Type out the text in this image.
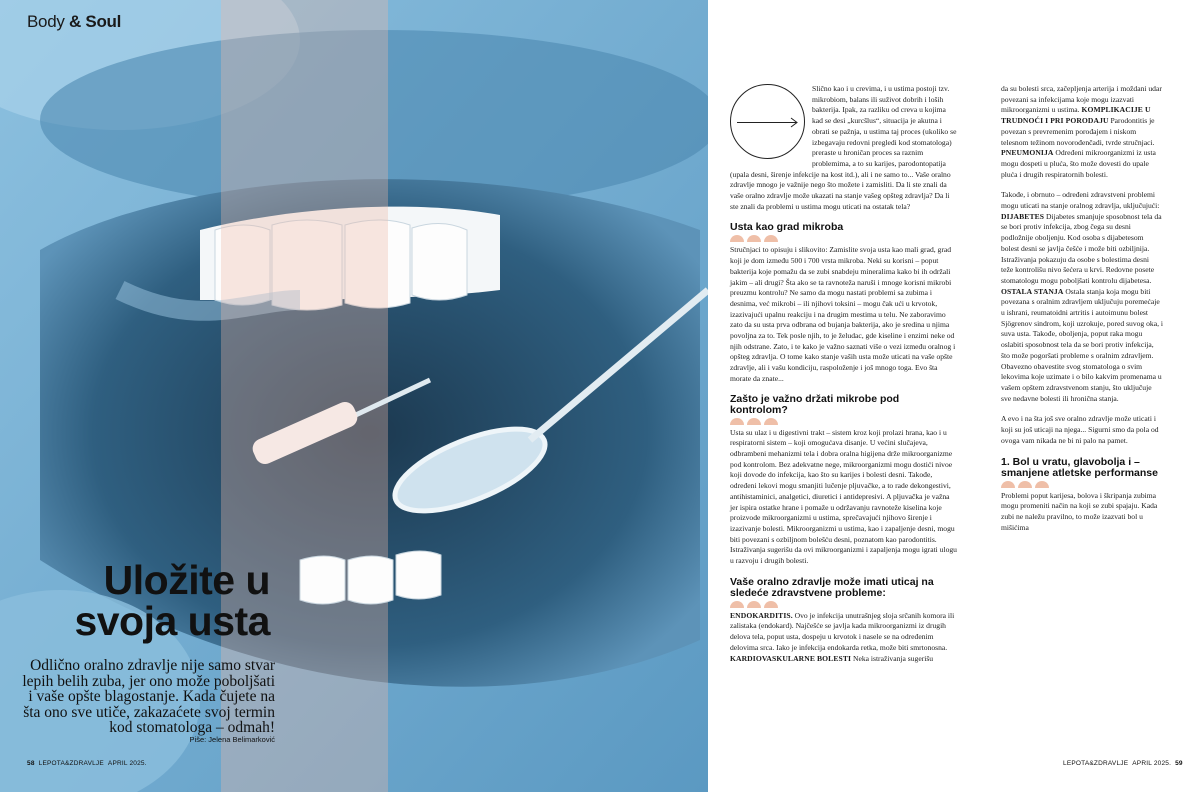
Body & Soul
Uložite u svoja usta
Odlično oralno zdravlje nije samo stvar lepih belih zuba, jer ono može poboljšati i vaše opšte blagostanje. Kada čujete na šta ono sve utiče, zakazaćete svoj termin kod stomatologa – odmah!
Piše: Jelena Belimarković
58 LEPOTA&ZDRAVLJE APRIL 2025.	LEPOTA&ZDRAVLJE APRIL 2025. 59

Slično kao i u crevima, i u ustima postoji tzv. mikrobiom, balans ili suživot dobrih i loših bakterija. Ipak, za razliku od creva u kojima kad se desi „kurcšlus“, situacija je akutna i obrati se pažnja, u ustima taj proces (ukoliko se izbegavaju redovni pregledi kod stomatologa) preraste u hroničan proces sa raznim problemima, a to su karijes, parodontopatija (upala desni, širenje infekcije na kost itd.), ali i ne samo to... Vaše oralno zdravlje mnogo je važnije nego što možete i zamisliti. Da li ste znali da vaše oralno zdravlje može ukazati na stanje vašeg opšteg zdravlja? Da li ste znali da problemi u ustima mogu uticati na ostatak tela?

Usta kao grad mikroba

Stručnjaci to opisuju i slikovito: Zamislite svoja usta kao mali grad, grad koji je dom između 500 i 700 vrsta mikroba. Neki su korisni – poput bakterija koje pomažu da se zubi snabdeju mineralima kako bi ih održali jakim – ali drugi? Šta ako se ta ravnoteža naruši i mnoge korisni mikrobi preuzmu kontrolu? Ne samo da mogu nastati problemi sa zubima i desnima, već mikrobi – ili njihovi toksini – mogu čak ući u krvotok, izazivajući upalnu reakciju i na drugim mestima u telu. Ne zaboravimo zato da su usta prva odbrana od bujanja bakterija, ako je sredina u njima povoljna za to. Tek posle njih, to je želudac, gde kiseline i enzimi neke od njih odstrane. Zato, i te kako je važno saznati više o vezi između oralnog i opšteg zdravlja. O tome kako stanje vaših usta može uticati na vaše opšte zdravlje, ali i vašu kondiciju, raspoloženje i još mnogo toga. Evo šta morate da znate...

Zašto je važno držati mikrobe pod kontrolom?

Usta su ulaz i u digestivni trakt – sistem kroz koji prolazi hrana, kao i u respiratorni sistem – koji omogućava disanje. U većini slučajeva, odbrambeni mehanizmi tela i dobra oralna higijena drže mikroorganizme pod kontrolom. Bez adekvatne nege, mikroorganizmi mogu dostići nivoe koji dovode do infekcija, kao što su karijes i bolesti desni. Takođe, određeni lekovi mogu smanjiti lučenje pljuvačke, a to rade dekongestivi, antihistaminici, analgetici, diuretici i antidepresivi. A pljuvačka je važna jer ispira ostatke hrane i pomaže u održavanju ravnoteže kiselina koje proizvode mikroorganizmi u ustima, sprečavajući njihovo širenje i izazivanje bolesti. Mikroorganizmi u ustima, kao i zapaljenje desni, mogu biti povezani s ozbiljnom bolešću desni, poznatom kao parodontitis. Istraživanja sugerišu da ovi mikroorganizmi i zapaljenja mogu igrati ulogu u razvoju i drugih bolesti.

Vaše oralno zdravlje može imati uticaj na sledeće zdravstvene probleme:

ENDOKARDITIS. Ovo je infekcija unutrašnjeg sloja srčanih komora ili zalistaka (endokard). Najčešće se javlja kada mikroorganizmi iz drugih delova tela, poput usta, dospeju u krvotok i nasele se na određenim delovima srca. Iako je infekcija endokarda retka, može biti smrtonosna. KARDIOVASKULARNE BOLESTI Neka istraživanja sugerišu

da su bolesti srca, začepljenja arterija i moždani udar povezani sa infekcijama koje mogu izazvati mikroorganizmi u ustima. KOMPLIKACIJE U TRUDNOĆI I PRI PORODAJU Parodontitis je povezan s prevremenim porođajem i niskom telesnom težinom novorođenčadi, tvrde stručnjaci. PNEUMONIJA Određeni mikroorganizmi iz usta mogu dospeti u pluća, što može dovesti do upale pluća i drugih respiratornih bolesti.

Takođe, i obrnuto – određeni zdravstveni problemi mogu uticati na stanje oralnog zdravlja, uključujući: DIJABETES Dijabetes smanjuje sposobnost tela da se bori protiv infekcija, zbog čega su desni podložnije oboljenju. Kod osoba s dijabetesom bolest desni se javlja češće i može biti ozbiljnija. Istraživanja pokazuju da osobe s bolestima desni teže kontrolišu nivo šećera u krvi. Redovne posete stomatologu mogu poboljšati kontrolu dijabetesa. OSTALA STANJA Ostala stanja koja mogu biti povezana s oralnim zdravljem uključuju poremećaje u ishrani, reumatoidni artritis i autoimunu bolest Sjögrenov sindrom, koji uzrokuje, pored suvog oka, i suva usta. Takođe, oboljenja, poput raka mogu oslabiti sposobnost tela da se bori protiv infekcija, što može pogoršati probleme s oralnim zdravljem. Obavezno obavestite svog stomatologa o svim lekovima koje uzimate i o bilo kakvim promenama u vašem opštem zdravstvenom stanju, što uključuje sve nedavne bolesti ili hronična stanja.

A evo i na šta još sve oralno zdravlje može uticati i koji su još uticaji na njega... Sigurni smo da pola od ovoga vam nikada ne bi ni palo na pamet.

1. Bol u vratu, glavobolja i – smanjene atletske performanse

Problemi poput karijesa, bolova i škripanja zubima mogu promeniti način na koji se zubi spajaju. Kada zubi ne naležu pravilno, to može izazvati bol u mišićima
